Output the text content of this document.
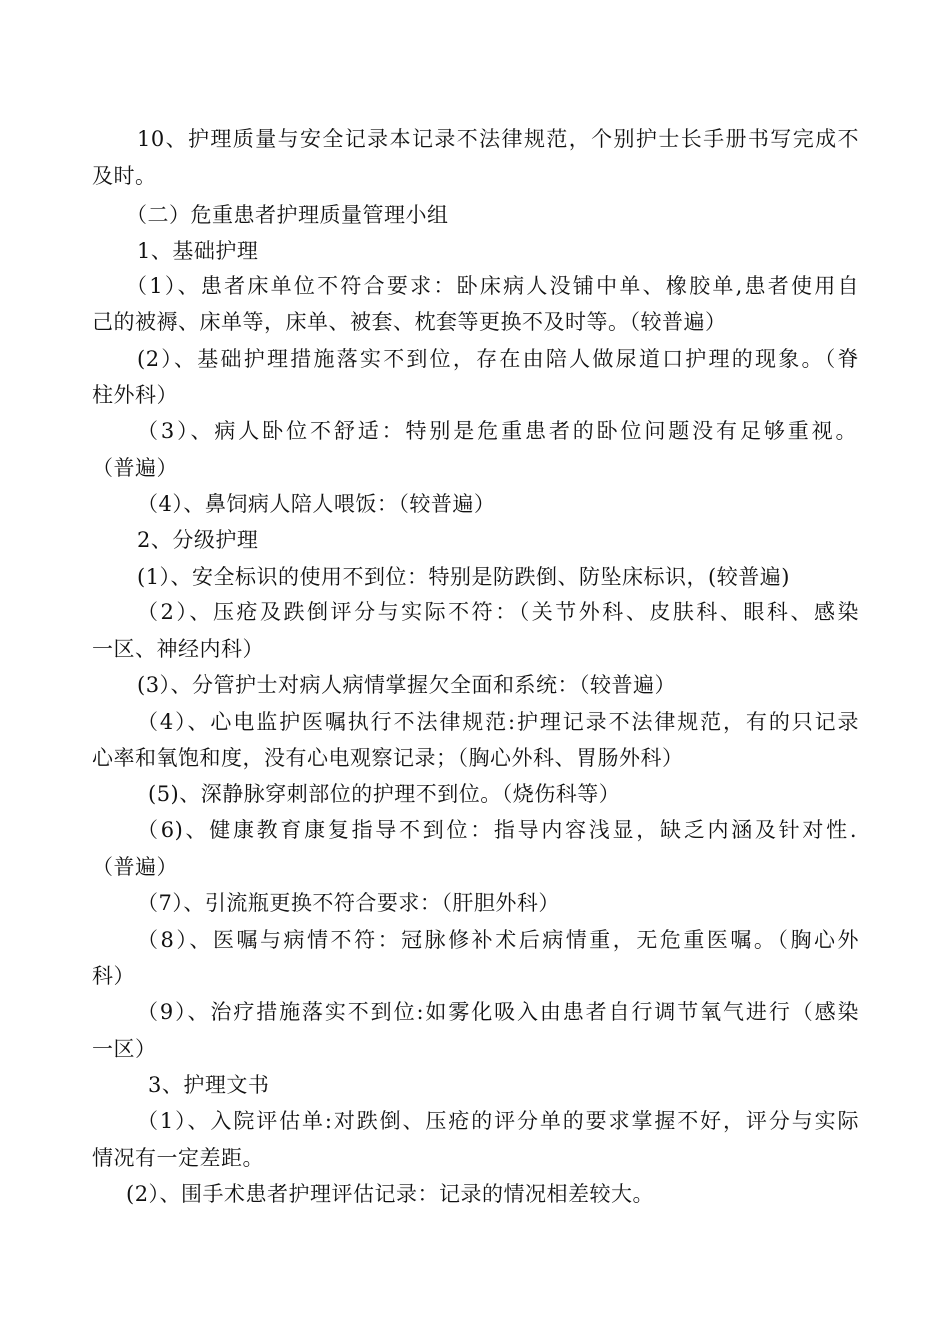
10、护理质量与安全记录本记录不法律规范，个别护士长手册书写完成不
及时。
（二）危重患者护理质量管理小组
1、基础护理
（1）、患者床单位不符合要求：卧床病人没铺中单、橡胶单,患者使用自
己的被褥、床单等，床单、被套、枕套等更换不及时等。（较普遍）
(2）、基础护理措施落实不到位，存在由陪人做尿道口护理的现象。（脊
柱外科）
（3）、病人卧位不舒适：特别是危重患者的卧位问题没有足够重视。
（普遍）
（4）、鼻饲病人陪人喂饭：（较普遍）
2、分级护理
(1）、安全标识的使用不到位：特别是防跌倒、防坠床标识，(较普遍)
（2）、压疮及跌倒评分与实际不符：（关节外科、皮肤科、眼科、感染
一区、神经内科）
(3）、分管护士对病人病情掌握欠全面和系统：（较普遍）
（4）、心电监护医嘱执行不法律规范:护理记录不法律规范，有的只记录
心率和氧饱和度，没有心电观察记录；（胸心外科、胃肠外科）
(5)、深静脉穿刺部位的护理不到位。（烧伤科等）
（6)、健康教育康复指导不到位：指导内容浅显，缺乏内涵及针对性.
（普遍）
（7）、引流瓶更换不符合要求：（肝胆外科）
（8）、医嘱与病情不符：冠脉修补术后病情重，无危重医嘱。（胸心外
科）
（9）、治疗措施落实不到位:如雾化吸入由患者自行调节氧气进行（感染
一区）
3、护理文书
（1）、入院评估单:对跌倒、压疮的评分单的要求掌握不好，评分与实际
情况有一定差距。
(2）、围手术患者护理评估记录：记录的情况相差较大。
